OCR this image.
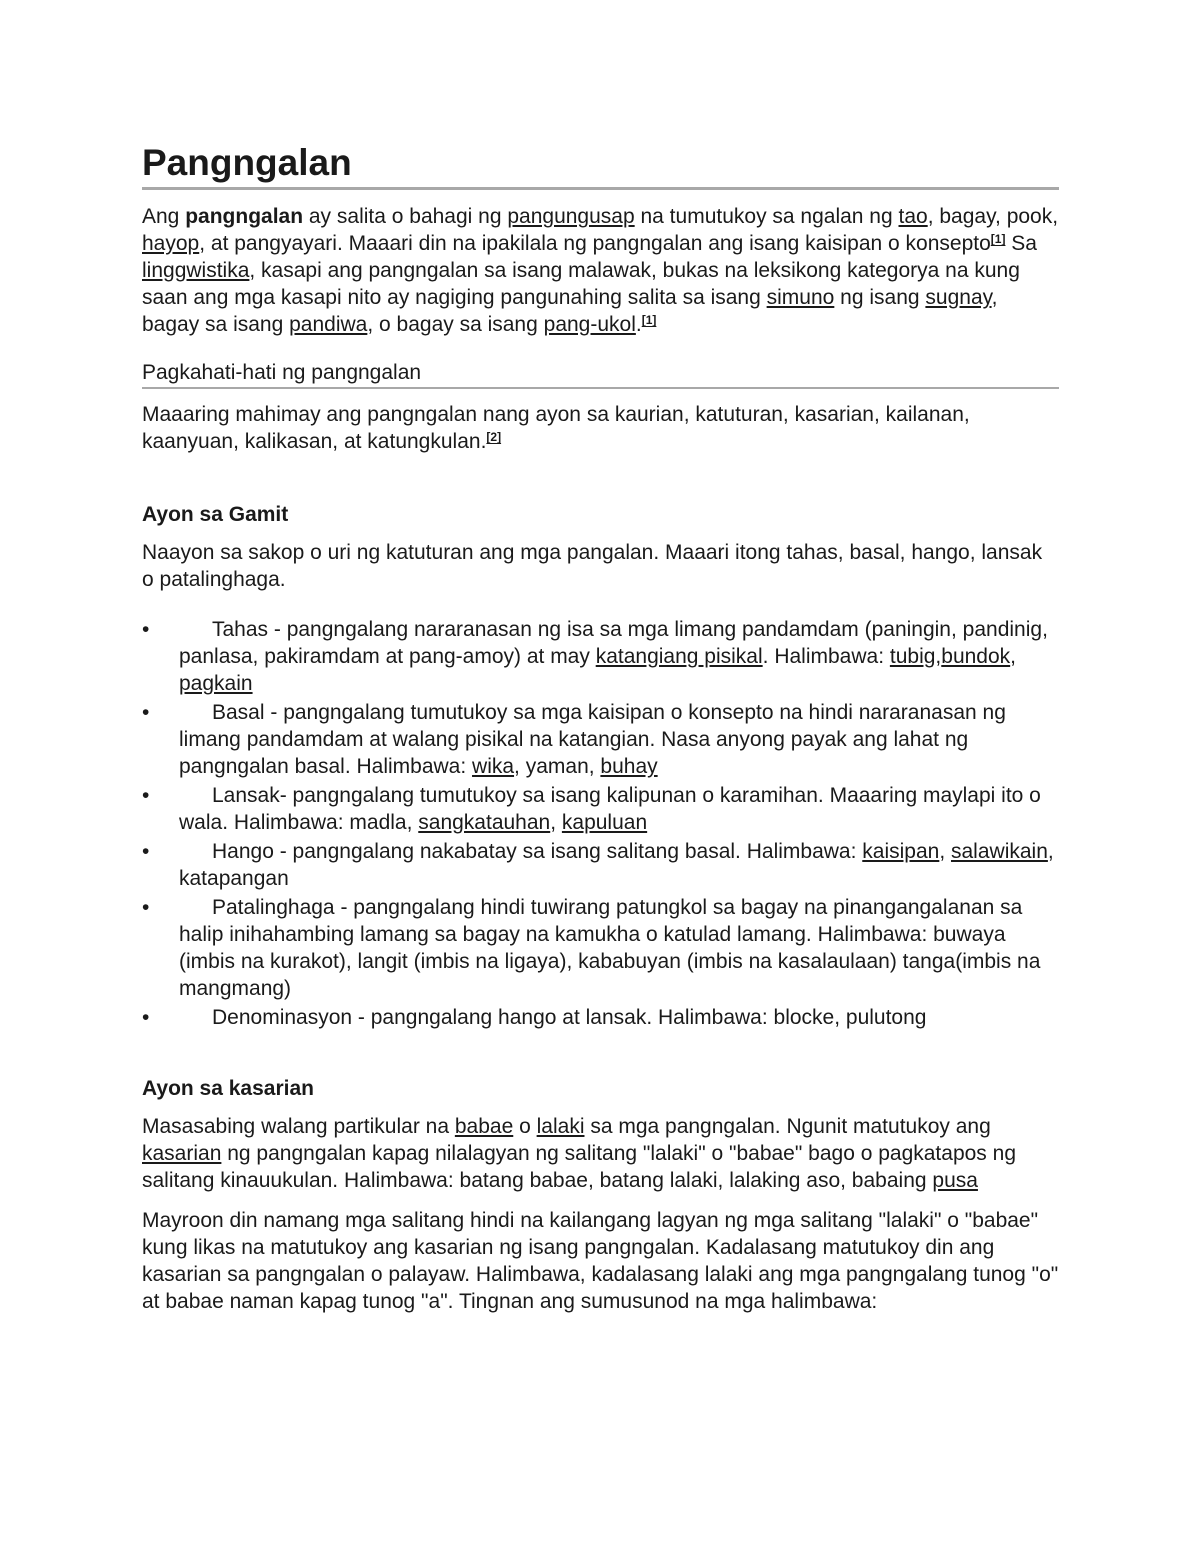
Pangngalan

Ang pangngalan ay salita o bahagi ng pangungusap na tumutukoy sa ngalan ng tao, bagay, pook, hayop, at pangyayari. Maaari din na ipakilala ng pangngalan ang isang kaisipan o konsepto[1] Sa linggwistika, kasapi ang pangngalan sa isang malawak, bukas na leksikong kategorya na kung saan ang mga kasapi nito ay nagiging pangunahing salita sa isang simuno ng isang sugnay, bagay sa isang pandiwa, o bagay sa isang pang-ukol.[1]

Pagkahati-hati ng pangngalan

Maaaring mahimay ang pangngalan nang ayon sa kaurian, katuturan, kasarian, kailanan, kaanyuan, kalikasan, at katungkulan.[2]

Ayon sa Gamit

Naayon sa sakop o uri ng katuturan ang mga pangalan. Maaari itong tahas, basal, hango, lansak o patalinghaga.

•	Tahas - pangngalang nararanasan ng isa sa mga limang pandamdam (paningin, pandinig, panlasa, pakiramdam at pang-amoy) at may katangiang pisikal. Halimbawa: tubig,bundok, pagkain
•	Basal - pangngalang tumutukoy sa mga kaisipan o konsepto na hindi nararanasan ng limang pandamdam at walang pisikal na katangian. Nasa anyong payak ang lahat ng pangngalan basal. Halimbawa: wika, yaman, buhay
•	Lansak- pangngalang tumutukoy sa isang kalipunan o karamihan. Maaaring maylapi ito o wala. Halimbawa: madla, sangkatauhan, kapuluan
•	Hango - pangngalang nakabatay sa isang salitang basal. Halimbawa: kaisipan, salawikain, katapangan
•	Patalinghaga - pangngalang hindi tuwirang patungkol sa bagay na pinangangalanan sa halip inihahambing lamang sa bagay na kamukha o katulad lamang. Halimbawa: buwaya (imbis na kurakot), langit (imbis na ligaya), kababuyan (imbis na kasalaulaan) tanga(imbis na mangmang)
•	Denominasyon - pangngalang hango at lansak. Halimbawa: blocke, pulutong
Ayon sa kasarian

Masasabing walang partikular na babae o lalaki sa mga pangngalan. Ngunit matutukoy ang kasarian ng pangngalan kapag nilalagyan ng salitang "lalaki" o "babae" bago o pagkatapos ng salitang kinauukulan. Halimbawa: batang babae, batang lalaki, lalaking aso, babaing pusa

Mayroon din namang mga salitang hindi na kailangang lagyan ng mga salitang "lalaki" o "babae" kung likas na matutukoy ang kasarian ng isang pangngalan. Kadalasang matutukoy din ang kasarian sa pangngalan o palayaw. Halimbawa, kadalasang lalaki ang mga pangngalang tunog "o" at babae naman kapag tunog "a". Tingnan ang sumusunod na mga halimbawa:
